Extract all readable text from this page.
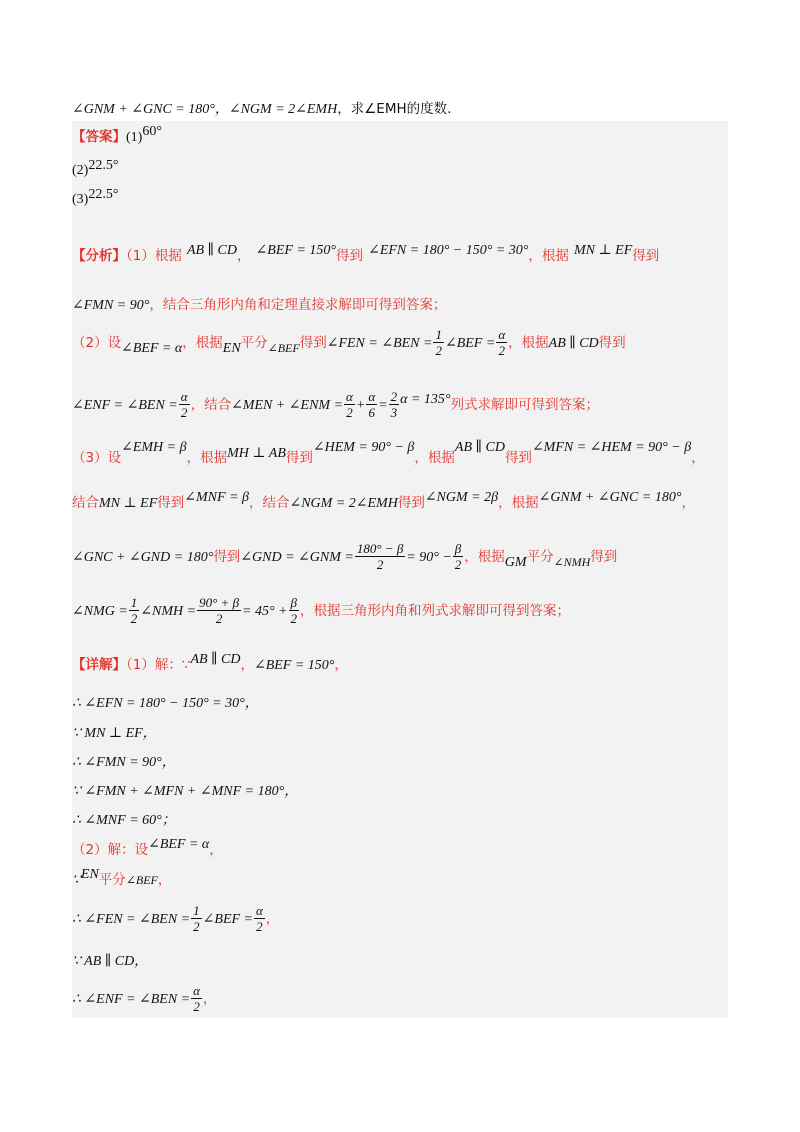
∠GNM + ∠GNC = 180°，∠NGM = 2∠EMH，求∠EMH的度数.
【答案】(1)60°
(2)22.5°
(3)22.5°
【分析】（1）根据 AB ∥ CD， ∠BEF = 150°得到 ∠EFN = 180° − 150° = 30°，根据 MN ⊥ EF得到
∠FMN = 90°，结合三角形内角和定理直接求解即可得到答案；
（2）设∠BEF = α，根据EN平分$_{\angle BEF}$得到∠FEN = ∠BEN = $\frac{1}{2}$ ∠BEF = $\frac{\alpha}{2}$ ，根据AB ∥ CD得到
∠ENF = ∠BEN = $\frac{\alpha}{2}$ ，结合∠MEN + ∠ENM = $\frac{\alpha}{2} + \frac{\alpha}{6} = \frac{2}{3}$ α = 135°列式求解即可得到答案；
$_{(3)设}$∠EMH = $\beta_{,根据}MH$ ⊥ $AB_{得到}\angle HEM = 90^\circ - \beta_{,根据}AB$ ∥ $CD_{得到}\angle MFN$ = ∠HEM = $90^\circ - \beta_,$
结合MN ⊥ EF得到∠MNF = β，结合∠NGM = 2∠EMH得到∠NGM = 2β，根据∠GNM + ∠GNC = 180°，
∠GNC + ∠GND = 180°得到∠GND = ∠GNM = $\frac{180^\circ - \beta}{2} = 90^\circ - \frac{\beta}{2}$ ，根据GM平分$_{\angle NMH}$得到
∠NMG = $\frac{1}{2}$ ∠NMH = $\frac{90^\circ + \beta}{2} = 45^\circ + \frac{\beta}{2}$ ，根据三角形内角和列式求解即可得到答案；
【详解】（1）解：∵AB ∥ CD，∠BEF = 150°，
∴ ∠EFN = 180° − 150° = 30°，
∵ MN ⊥ EF，
∴ ∠FMN = 90°，
∵ ∠FMN + ∠MFN + ∠MNF = 180°，
∴ ∠MNF = 60°；
（2）解：设∠BEF = α，
∵EN平分∠BEF，
∴ ∠FEN = ∠BEN = $\frac{1}{2}$ ∠BEF = $\frac{\alpha}{2}$ ，
∵ AB ∥ CD，
∴ ∠ENF = ∠BEN = $\frac{\alpha}{2}$ ，
